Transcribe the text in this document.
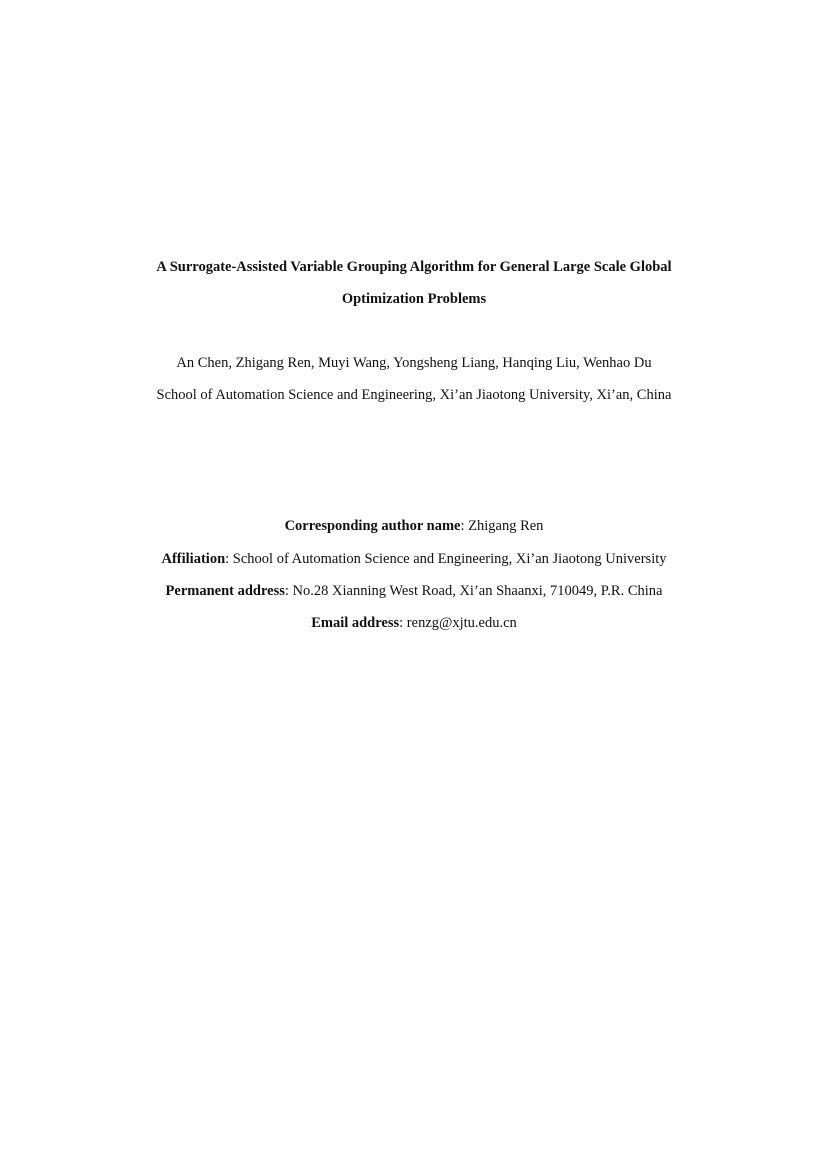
A Surrogate-Assisted Variable Grouping Algorithm for General Large Scale Global
Optimization Problems
An Chen, Zhigang Ren, Muyi Wang, Yongsheng Liang, Hanqing Liu, Wenhao Du
School of Automation Science and Engineering, Xi’an Jiaotong University, Xi’an, China
Corresponding author name: Zhigang Ren
Affiliation: School of Automation Science and Engineering, Xi’an Jiaotong University
Permanent address: No.28 Xianning West Road, Xi’an Shaanxi, 710049, P.R. China
Email address: renzg@xjtu.edu.cn
